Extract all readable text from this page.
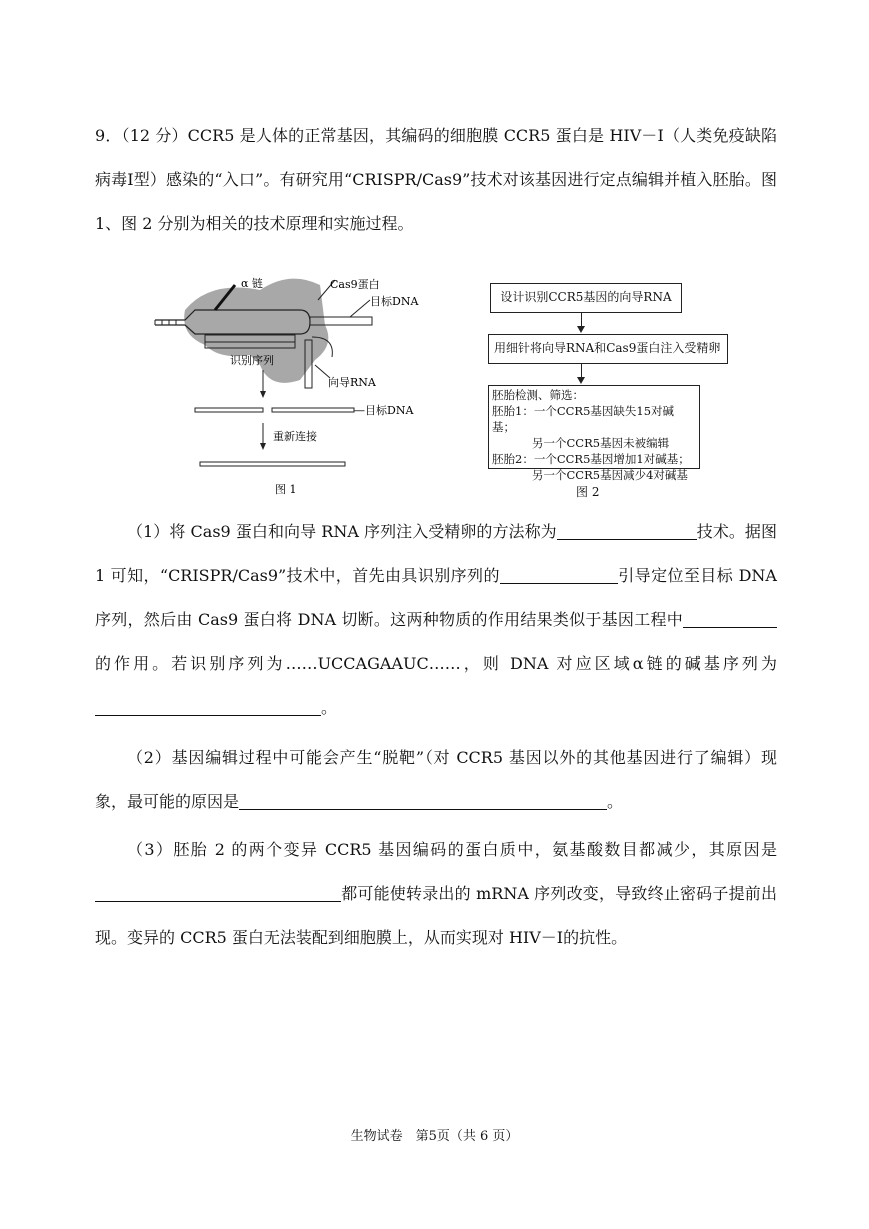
9．（12 分）CCR5 是人体的正常基因，其编码的细胞膜 CCR5 蛋白是 HIV－Ⅰ（人类免疫缺陷病毒Ⅰ型）感染的“入口”。有研究用“CRISPR/Cas9”技术对该基因进行定点编辑并植入胚胎。图 1、图 2 分别为相关的技术原理和实施过程。
α 链	Cas9蛋白
目标DNA
识别序列
向导RNA
—目标DNA
重新连接
图 1
设计识别CCR5基因的向导RNA
用细针将向导RNA和Cas9蛋白注入受精卵
胚胎检测、筛选：
胚胎1：一个CCR5基因缺失15对碱基；
另一个CCR5基因未被编辑
胚胎2：一个CCR5基因增加1对碱基；
另一个CCR5基因减少4对碱基
图 2
（1）将 Cas9 蛋白和向导 RNA 序列注入受精卵的方法称为	技术。据图 1 可知，“CRISPR/Cas9”技术中，首先由具识别序列的	引导定位至目标 DNA 序列，然后由 Cas9 蛋白将 DNA 切断。这两种物质的作用结果类似于基因工程中的作用。若识别序列为……UCCAGAAUC……，则 DNA 对应区域α链的碱基序列为。
（2）基因编辑过程中可能会产生“脱靶”（对 CCR5 基因以外的其他基因进行了编辑）现象，最可能的原因是	。
（3）胚胎 2 的两个变异 CCR5 基因编码的蛋白质中，氨基酸数目都减少，其原因是都可能使转录出的 mRNA 序列改变，导致终止密码子提前出现。变异的 CCR5 蛋白无法装配到细胞膜上，从而实现对 HIV－Ⅰ的抗性。
生物试卷　第5页（共 6 页）
